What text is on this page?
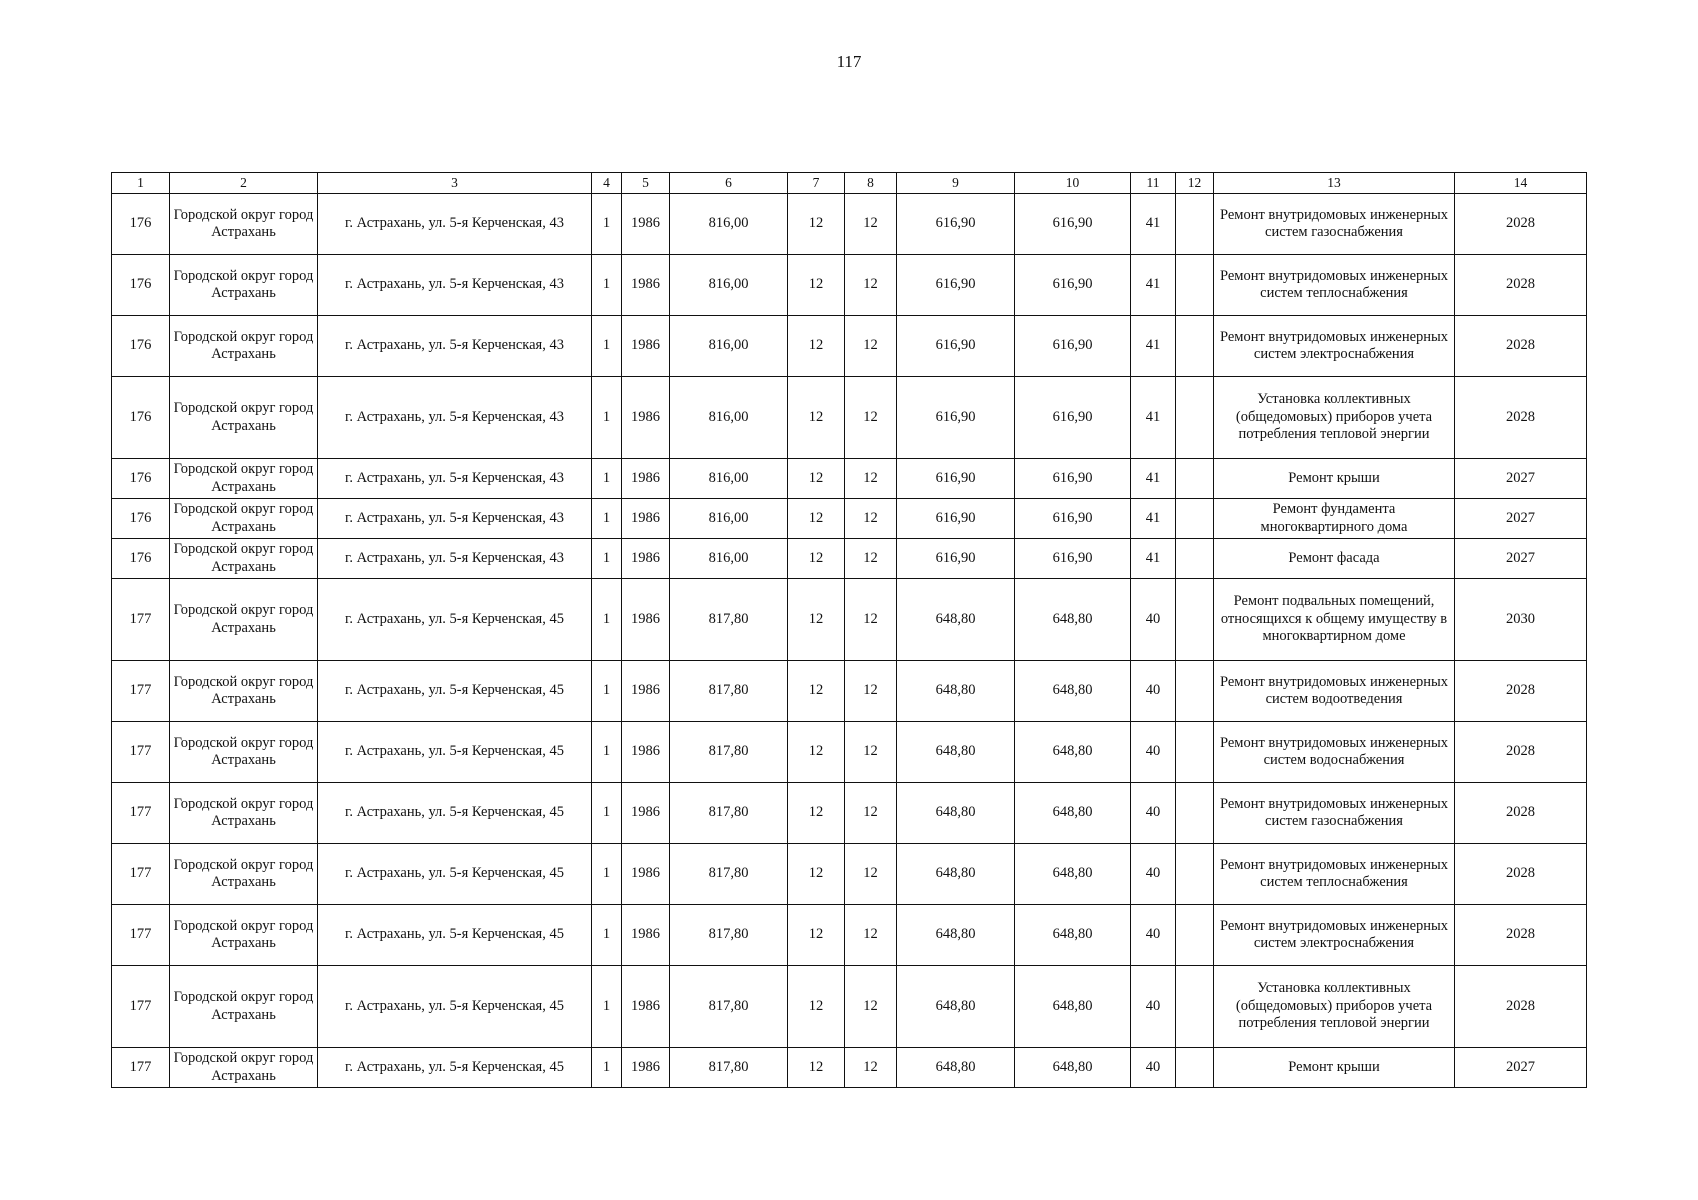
117
1	2	3	4	5	6	7	8	9	10	11	12	13	14
176	Городской округ город Астрахань	г. Астрахань, ул. 5-я Керченская, 43	1	1986	816,00	12	12	616,90	616,90	41		Ремонт внутридомовых инженерных систем газоснабжения	2028
176	Городской округ город Астрахань	г. Астрахань, ул. 5-я Керченская, 43	1	1986	816,00	12	12	616,90	616,90	41		Ремонт внутридомовых инженерных систем теплоснабжения	2028
176	Городской округ город Астрахань	г. Астрахань, ул. 5-я Керченская, 43	1	1986	816,00	12	12	616,90	616,90	41		Ремонт внутридомовых инженерных систем электроснабжения	2028
176	Городской округ город Астрахань	г. Астрахань, ул. 5-я Керченская, 43	1	1986	816,00	12	12	616,90	616,90	41		Установка коллективных (общедомовых) приборов учета потребления тепловой энергии	2028
176	Городской округ город Астрахань	г. Астрахань, ул. 5-я Керченская, 43	1	1986	816,00	12	12	616,90	616,90	41		Ремонт крыши	2027
176	Городской округ город Астрахань	г. Астрахань, ул. 5-я Керченская, 43	1	1986	816,00	12	12	616,90	616,90	41		Ремонт фундамента многоквартирного дома	2027
176	Городской округ город Астрахань	г. Астрахань, ул. 5-я Керченская, 43	1	1986	816,00	12	12	616,90	616,90	41		Ремонт фасада	2027
177	Городской округ город Астрахань	г. Астрахань, ул. 5-я Керченская, 45	1	1986	817,80	12	12	648,80	648,80	40		Ремонт подвальных помещений, относящихся к общему имуществу в многоквартирном доме	2030
177	Городской округ город Астрахань	г. Астрахань, ул. 5-я Керченская, 45	1	1986	817,80	12	12	648,80	648,80	40		Ремонт внутридомовых инженерных систем водоотведения	2028
177	Городской округ город Астрахань	г. Астрахань, ул. 5-я Керченская, 45	1	1986	817,80	12	12	648,80	648,80	40		Ремонт внутридомовых инженерных систем водоснабжения	2028
177	Городской округ город Астрахань	г. Астрахань, ул. 5-я Керченская, 45	1	1986	817,80	12	12	648,80	648,80	40		Ремонт внутридомовых инженерных систем газоснабжения	2028
177	Городской округ город Астрахань	г. Астрахань, ул. 5-я Керченская, 45	1	1986	817,80	12	12	648,80	648,80	40		Ремонт внутридомовых инженерных систем теплоснабжения	2028
177	Городской округ город Астрахань	г. Астрахань, ул. 5-я Керченская, 45	1	1986	817,80	12	12	648,80	648,80	40		Ремонт внутридомовых инженерных систем электроснабжения	2028
177	Городской округ город Астрахань	г. Астрахань, ул. 5-я Керченская, 45	1	1986	817,80	12	12	648,80	648,80	40		Установка коллективных (общедомовых) приборов учета потребления тепловой энергии	2028
177	Городской округ город Астрахань	г. Астрахань, ул. 5-я Керченская, 45	1	1986	817,80	12	12	648,80	648,80	40		Ремонт крыши	2027
